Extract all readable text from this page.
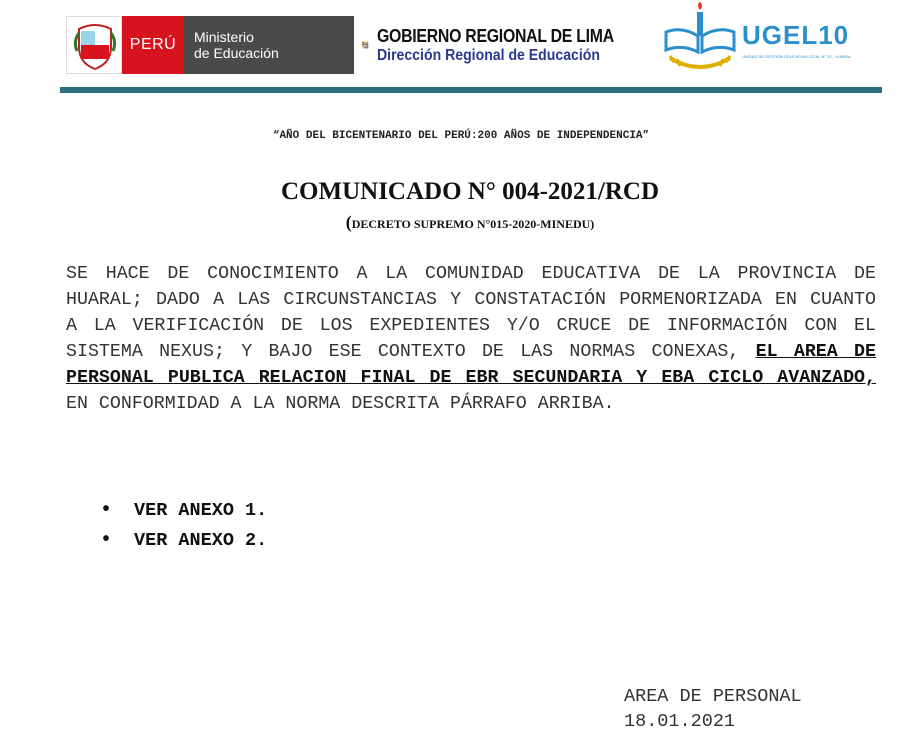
PERÚ	Ministerio
de Educación
GOBIERNO REGIONAL DE LIMA
Dirección Regional de Educación
UGEL10
UNIDAD DE GESTIÓN EDUCATIVA LOCAL N° 10 - HUARAL
“AÑO DEL BICENTENARIO DEL PERÚ:200 AÑOS DE INDEPENDENCIA”
COMUNICADO N° 004-2021/RCD
(DECRETO SUPREMO N°015-2020-MINEDU)
SE HACE DE CONOCIMIENTO A LA COMUNIDAD EDUCATIVA DE LA PROVINCIA DE HUARAL; DADO A LAS CIRCUNSTANCIAS Y CONSTATACIÓN PORMENORIZADA EN CUANTO A LA VERIFICACIÓN DE LOS EXPEDIENTES Y/O CRUCE DE INFORMACIÓN CON EL SISTEMA NEXUS; Y BAJO ESE CONTEXTO DE LAS NORMAS CONEXAS, EL AREA DE PERSONAL PUBLICA RELACION FINAL DE EBR SECUNDARIA Y EBA CICLO AVANZADO, EN CONFORMIDAD A LA NORMA DESCRITA PÁRRAFO ARRIBA.
• VER ANEXO 1.
• VER ANEXO 2.
AREA DE PERSONAL
18.01.2021
